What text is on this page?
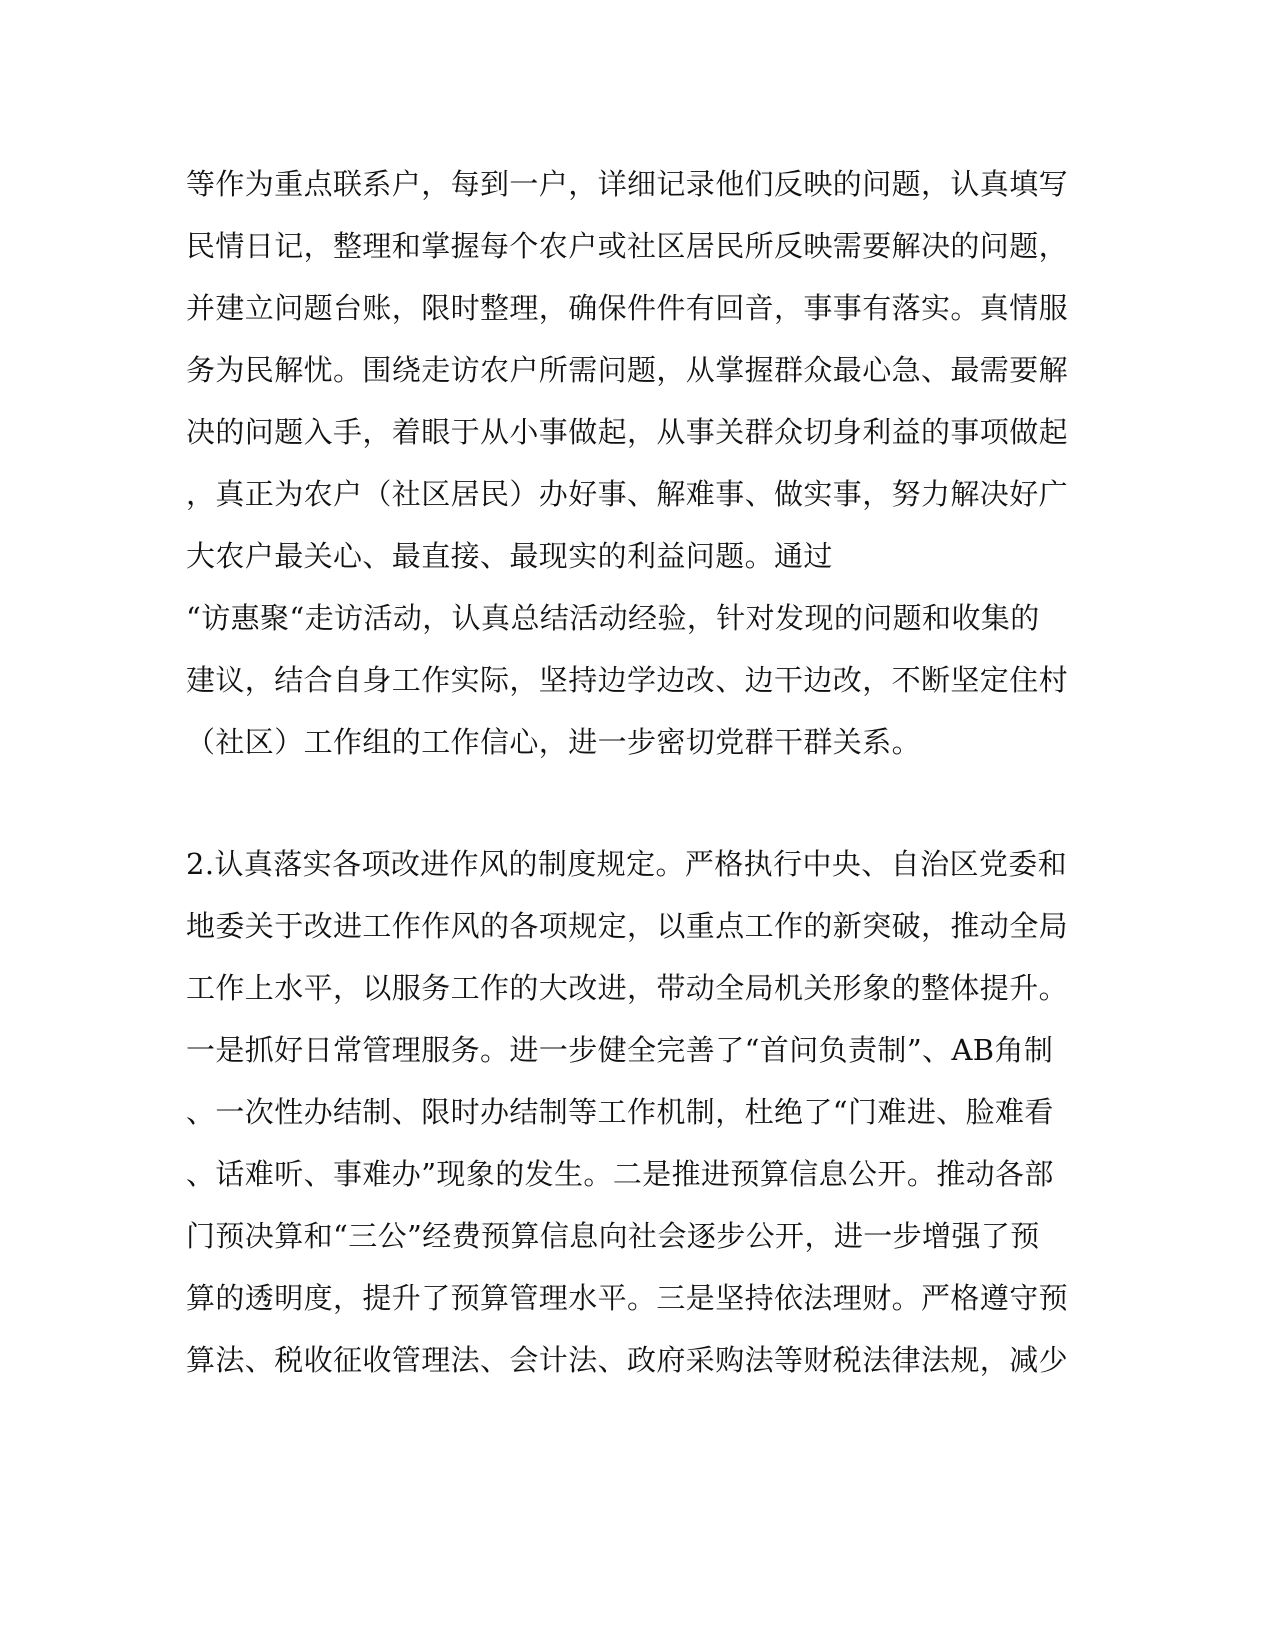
等作为重点联系户，每到一户，详细记录他们反映的问题，认真填写
民情日记，整理和掌握每个农户或社区居民所反映需要解决的问题，
并建立问题台账，限时整理，确保件件有回音，事事有落实。真情服
务为民解忧。围绕走访农户所需问题，从掌握群众最心急、最需要解
决的问题入手，着眼于从小事做起，从事关群众切身利益的事项做起
，真正为农户（社区居民）办好事、解难事、做实事，努力解决好广
大农户最关心、最直接、最现实的利益问题。通过
“访惠聚“走访活动，认真总结活动经验，针对发现的问题和收集的
建议，结合自身工作实际，坚持边学边改、边干边改，不断坚定住村
（社区）工作组的工作信心，进一步密切党群干群关系。
2.认真落实各项改进作风的制度规定。严格执行中央、自治区党委和
地委关于改进工作作风的各项规定，以重点工作的新突破，推动全局
工作上水平，以服务工作的大改进，带动全局机关形象的整体提升。
一是抓好日常管理服务。进一步健全完善了“首问负责制”、AB角制
、一次性办结制、限时办结制等工作机制，杜绝了“门难进、脸难看
、话难听、事难办”现象的发生。二是推进预算信息公开。推动各部
门预决算和“三公”经费预算信息向社会逐步公开，进一步增强了预
算的透明度，提升了预算管理水平。三是坚持依法理财。严格遵守预
算法、税收征收管理法、会计法、政府采购法等财税法律法规，减少
